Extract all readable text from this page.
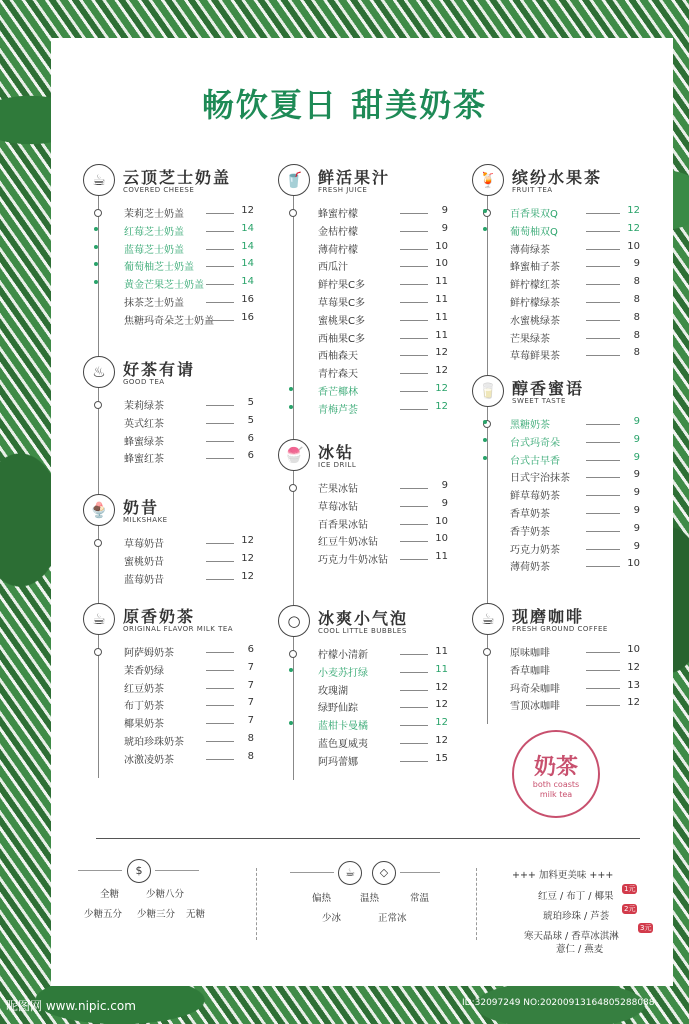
畅饮夏日 甜美奶茶
☕	云顶芝士奶盖
COVERED CHEESE
茉莉芝士奶盖	12
红莓芝士奶盖	14
蓝莓芝士奶盖	14
葡萄柚芝士奶盖	14
黄金芒果芝士奶盖	14
抹茶芝士奶盖	16
焦糖玛奇朵芝士奶盖	16
♨	好茶有请
GOOD TEA
茉莉绿茶	5
英式红茶	5
蜂蜜绿茶	6
蜂蜜红茶	6
🍨 奶昔
MILKSHAKE
草莓奶昔	12
蜜桃奶昔	12
蓝莓奶昔	12
☕	原香奶茶
ORIGINAL FLAVOR MILK TEA
阿萨姆奶茶	6
茉香奶绿	7
红豆奶茶	7
布丁奶茶	7
椰果奶茶	7
琥珀珍珠奶茶	8
冰激凌奶茶	8
🥤 鲜活果汁
FRESH JUICE
蜂蜜柠檬	9
金桔柠檬	9
薄荷柠檬	10
西瓜汁	10
鲜柠果C多	11
草莓果C多	11
蜜桃果C多	11
西柚果C多	11
西柚森天	12
青柠森天	12
香芒椰林	12
青梅芦荟	12
🍧 冰钻
ICE DRILL
芒果冰钻	9
草莓冰钻	9
百香果冰钻	10
红豆牛奶冰钻	10
巧克力牛奶冰钻	11
○	冰爽小气泡
COOL LITTLE BUBBLES
柠檬小清新	11
小麦苏打绿	11
玫瑰湖	12
绿野仙踪	12
蓝柑卡曼橘	12
蓝色夏威夷	12
阿玛蕾娜	15
🍹 缤纷水果茶
FRUIT TEA
百香果双Q	12
葡萄柚双Q	12
薄荷绿茶	10
蜂蜜柚子茶	9
鲜柠檬红茶	8
鲜柠檬绿茶	8
水蜜桃绿茶	8
芒果绿茶	8
草莓鲜果茶	8
🥛 醇香蜜语
SWEET TASTE
黑糖奶茶	9
台式玛奇朵	9
台式古早香	9
日式宇治抹茶	9
鲜草莓奶茶	9
香草奶茶	9
香芋奶茶	9
巧克力奶茶	9
薄荷奶茶	10
☕	现磨咖啡
FRESH GROUND COFFEE
原味咖啡	10
香草咖啡	12
玛奇朵咖啡	13
雪顶冰咖啡	12
奶茶
both coasts
milk tea
$
全糖	少糖八分
少糖五分 少糖三分 无糖
☕	◇
偏热	温热	常温
少冰	正常冰
+++ 加料更美味 +++
红豆 / 布丁 / 椰果
1元
琥珀珍珠 / 芦荟
2元
寒天晶球 / 香草冰淇淋
3元
薏仁 / 燕麦
昵图网 www.nipic.com	ID:32097249 NO:20200913164805288088
